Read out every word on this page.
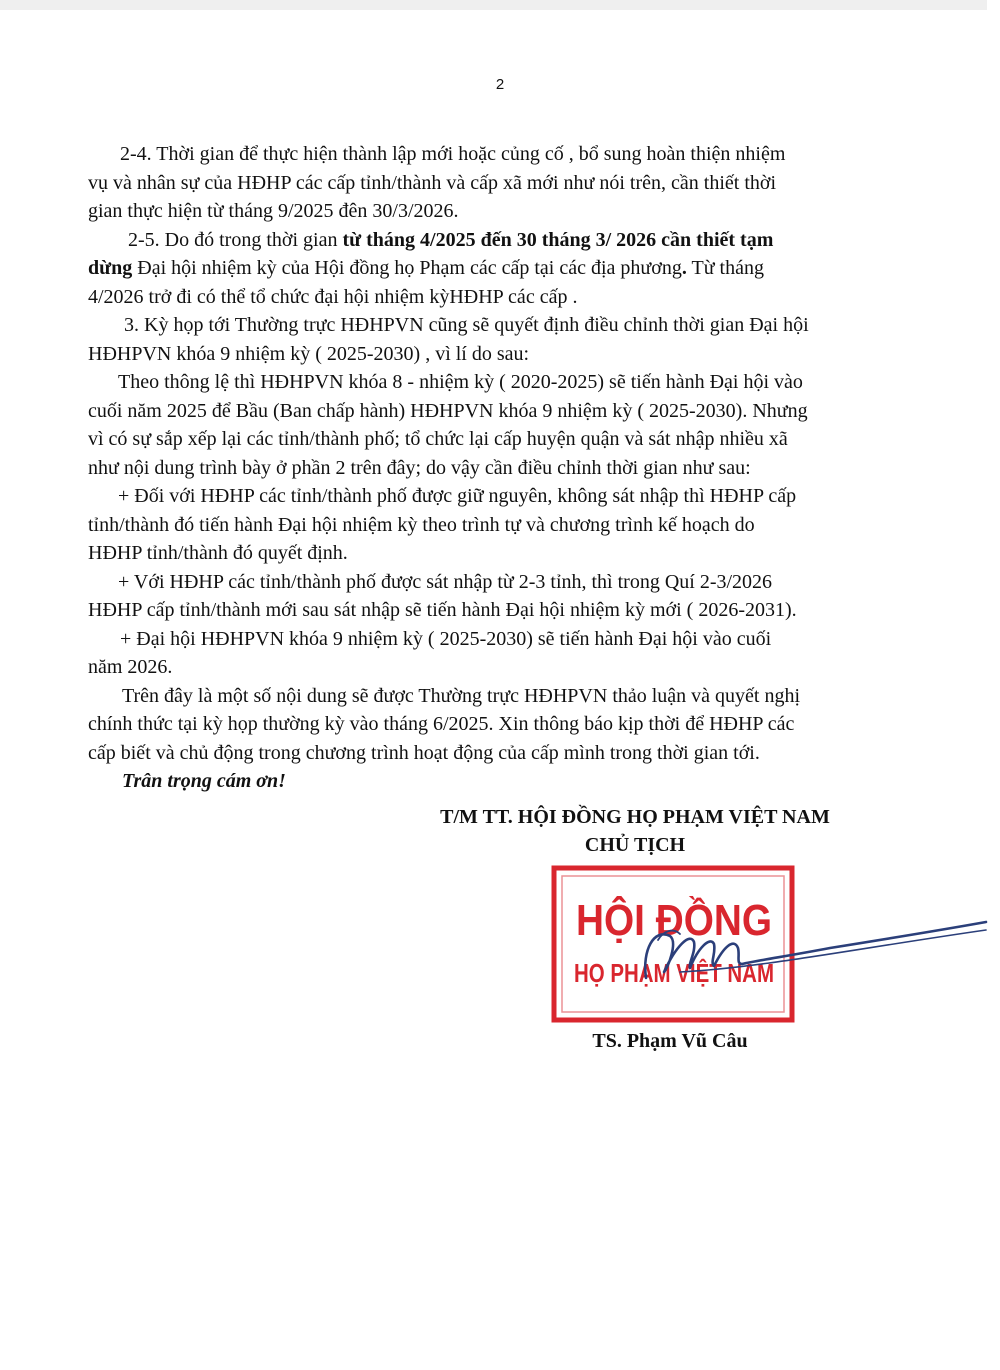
2

2-4. Thời gian để thực hiện thành lập mới hoặc củng cố , bổ sung hoàn thiện nhiệm

vụ và nhân sự của HĐHP các cấp tỉnh/thành và cấp xã mới như nói trên, cần thiết thời

gian thực hiện từ tháng 9/2025 đên 30/3/2026.

2-5. Do đó trong thời gian từ tháng 4/2025 đến 30 tháng 3/ 2026 cần thiết tạm

dừng Đại hội nhiệm kỳ của Hội đồng họ Phạm các cấp tại các địa phương. Từ tháng

4/2026 trở đi có thể tổ chức đại hội nhiệm kỳHĐHP các cấp .

3. Kỳ họp tới Thường trực HĐHPVN cũng sẽ quyết định điều chỉnh thời gian Đại hội

HĐHPVN khóa 9 nhiệm kỳ ( 2025-2030) , vì lí do sau:

Theo thông lệ thì HĐHPVN khóa 8 - nhiệm kỳ ( 2020-2025) sẽ tiến hành Đại hội vào

cuối năm 2025 để Bầu (Ban chấp hành) HĐHPVN khóa 9 nhiệm kỳ ( 2025-2030). Nhưng

vì có sự sắp xếp lại các tỉnh/thành phố; tổ chức lại cấp huyện quận và sát nhập nhiều xã

như nội dung trình bày ở phần 2 trên đây; do vậy cần điều chỉnh thời gian như sau:

+ Đối với HĐHP các tỉnh/thành phố được giữ nguyên, không sát nhập thì HĐHP cấp

tỉnh/thành đó tiến hành Đại hội nhiệm kỳ theo trình tự và chương trình kế hoạch do

HĐHP tỉnh/thành đó quyết định.

+ Với HĐHP các tỉnh/thành phố được sát nhập từ 2-3 tỉnh, thì trong Quí 2-3/2026

HĐHP cấp tỉnh/thành mới sau sát nhập sẽ tiến hành Đại hội nhiệm kỳ mới ( 2026-2031).

+ Đại hội HĐHPVN khóa 9 nhiệm kỳ ( 2025-2030) sẽ tiến hành Đại hội vào cuối

năm 2026.

Trên đây là một số nội dung sẽ được Thường trực HĐHPVN thảo luận và quyết nghị

chính thức tại kỳ họp thường kỳ vào tháng 6/2025. Xin thông báo kịp thời để HĐHP các

cấp biết và chủ động trong chương trình hoạt động của cấp mình trong thời gian tới.

Trân trọng cám ơn!

T/M TT. HỘI ĐỒNG HỌ PHẠM VIỆT NAM
CHỦ TỊCH
HỘI ĐỒNG
HỌ PHẠM VIỆT NAM
TS. Phạm Vũ Câu
